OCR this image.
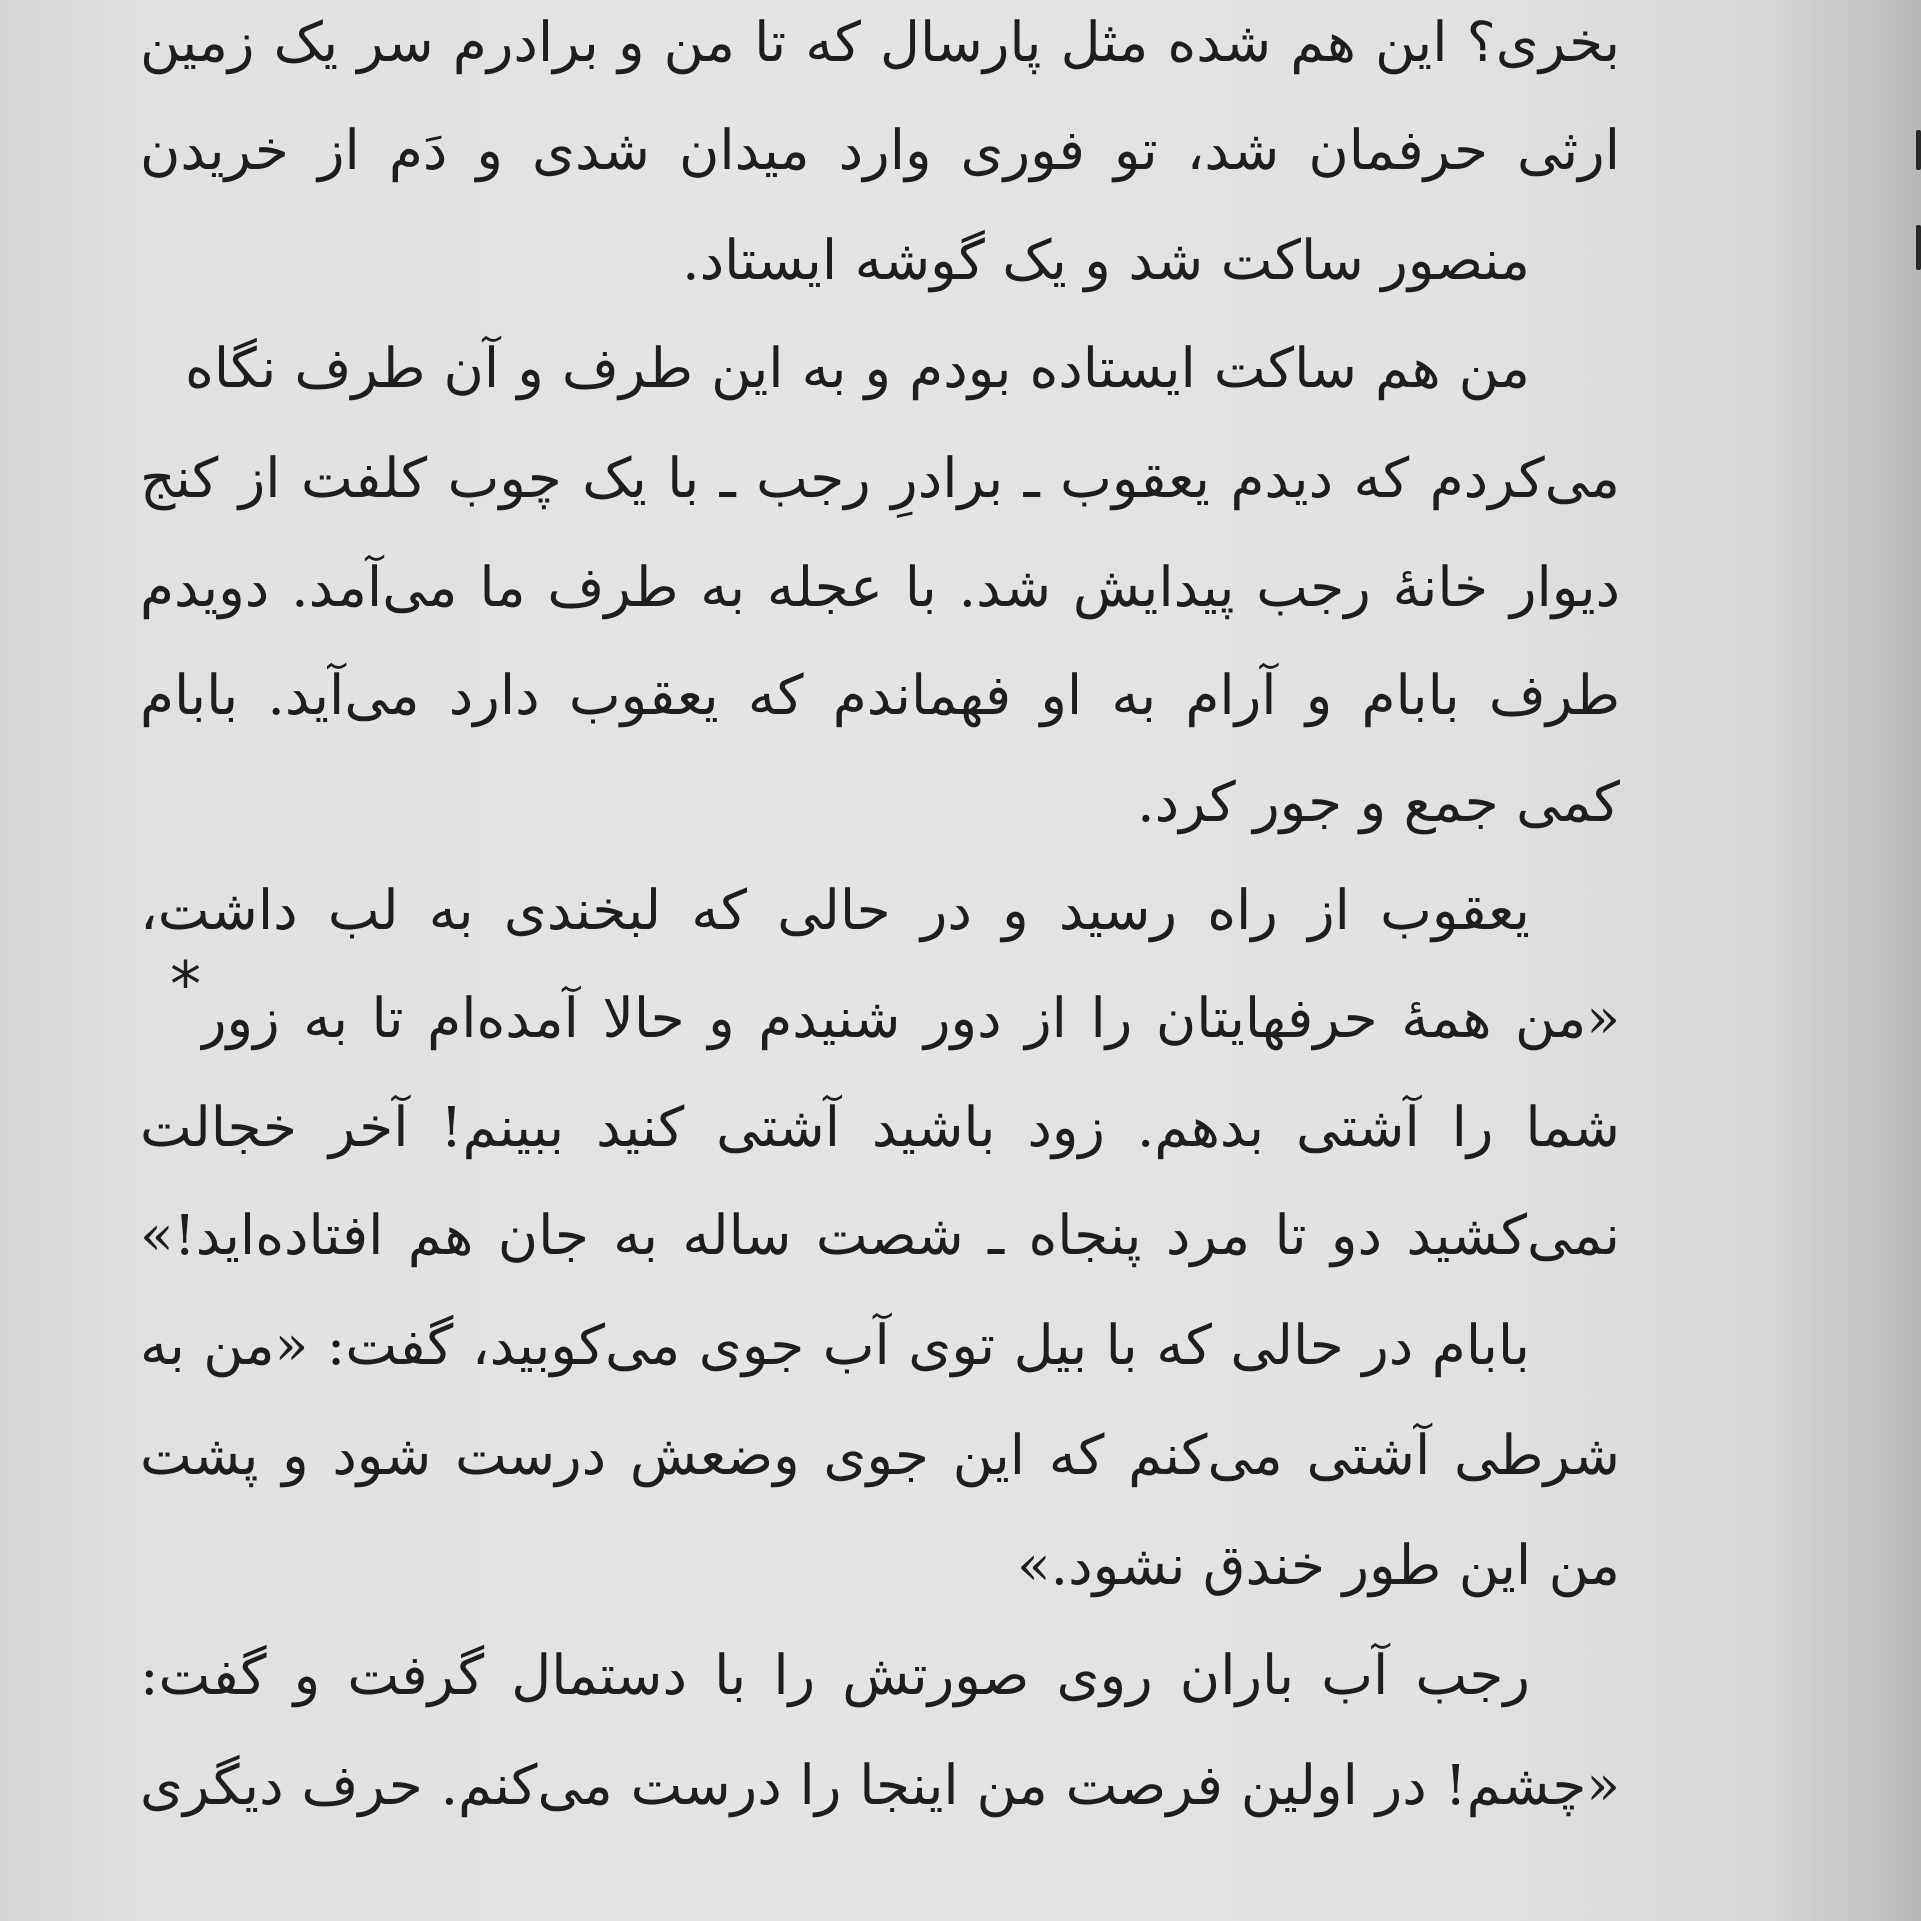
بخری؟ این هم شده مثل پارسال که تا من و برادرم سر یک زمین
ارثی حرفمان شد، تو فوری وارد میدان شدی و دَم از خریدن
منصور ساکت شد و یک گوشه ایستاد.
من هم ساکت ایستاده بودم و به این طرف و آن طرف نگاه
می‌کردم که دیدم یعقوب ـ برادرِ رجب ـ با یک چوب کلفت از کنج
دیوار خانهٔ رجب پیدایش شد. با عجله به طرف ما می‌آمد. دویدم
طرف بابام و آرام به او فهماندم که یعقوب دارد می‌آید. بابام
کمی جمع و جور کرد.
یعقوب از راه رسید و در حالی که لبخندی به لب داشت،
«من همهٔ حرفهایتان را از دور شنیدم و حالا آمده‌ام تا به زور
شما را آشتی بدهم. زود باشید آشتی کنید ببینم! آخر خجالت
نمی‌کشید دو تا مرد پنجاه ـ شصت ساله به جان هم افتاده‌اید!»
بابام در حالی که با بیل توی آب جوی می‌کوبید، گفت: «من به
شرطی آشتی می‌کنم که این جوی وضعش درست شود و پشت
من این طور خندق نشود.»
رجب آب باران روی صورتش را با دستمال گرفت و گفت:
«چشم! در اولین فرصت من اینجا را درست می‌کنم. حرف دیگری
*
